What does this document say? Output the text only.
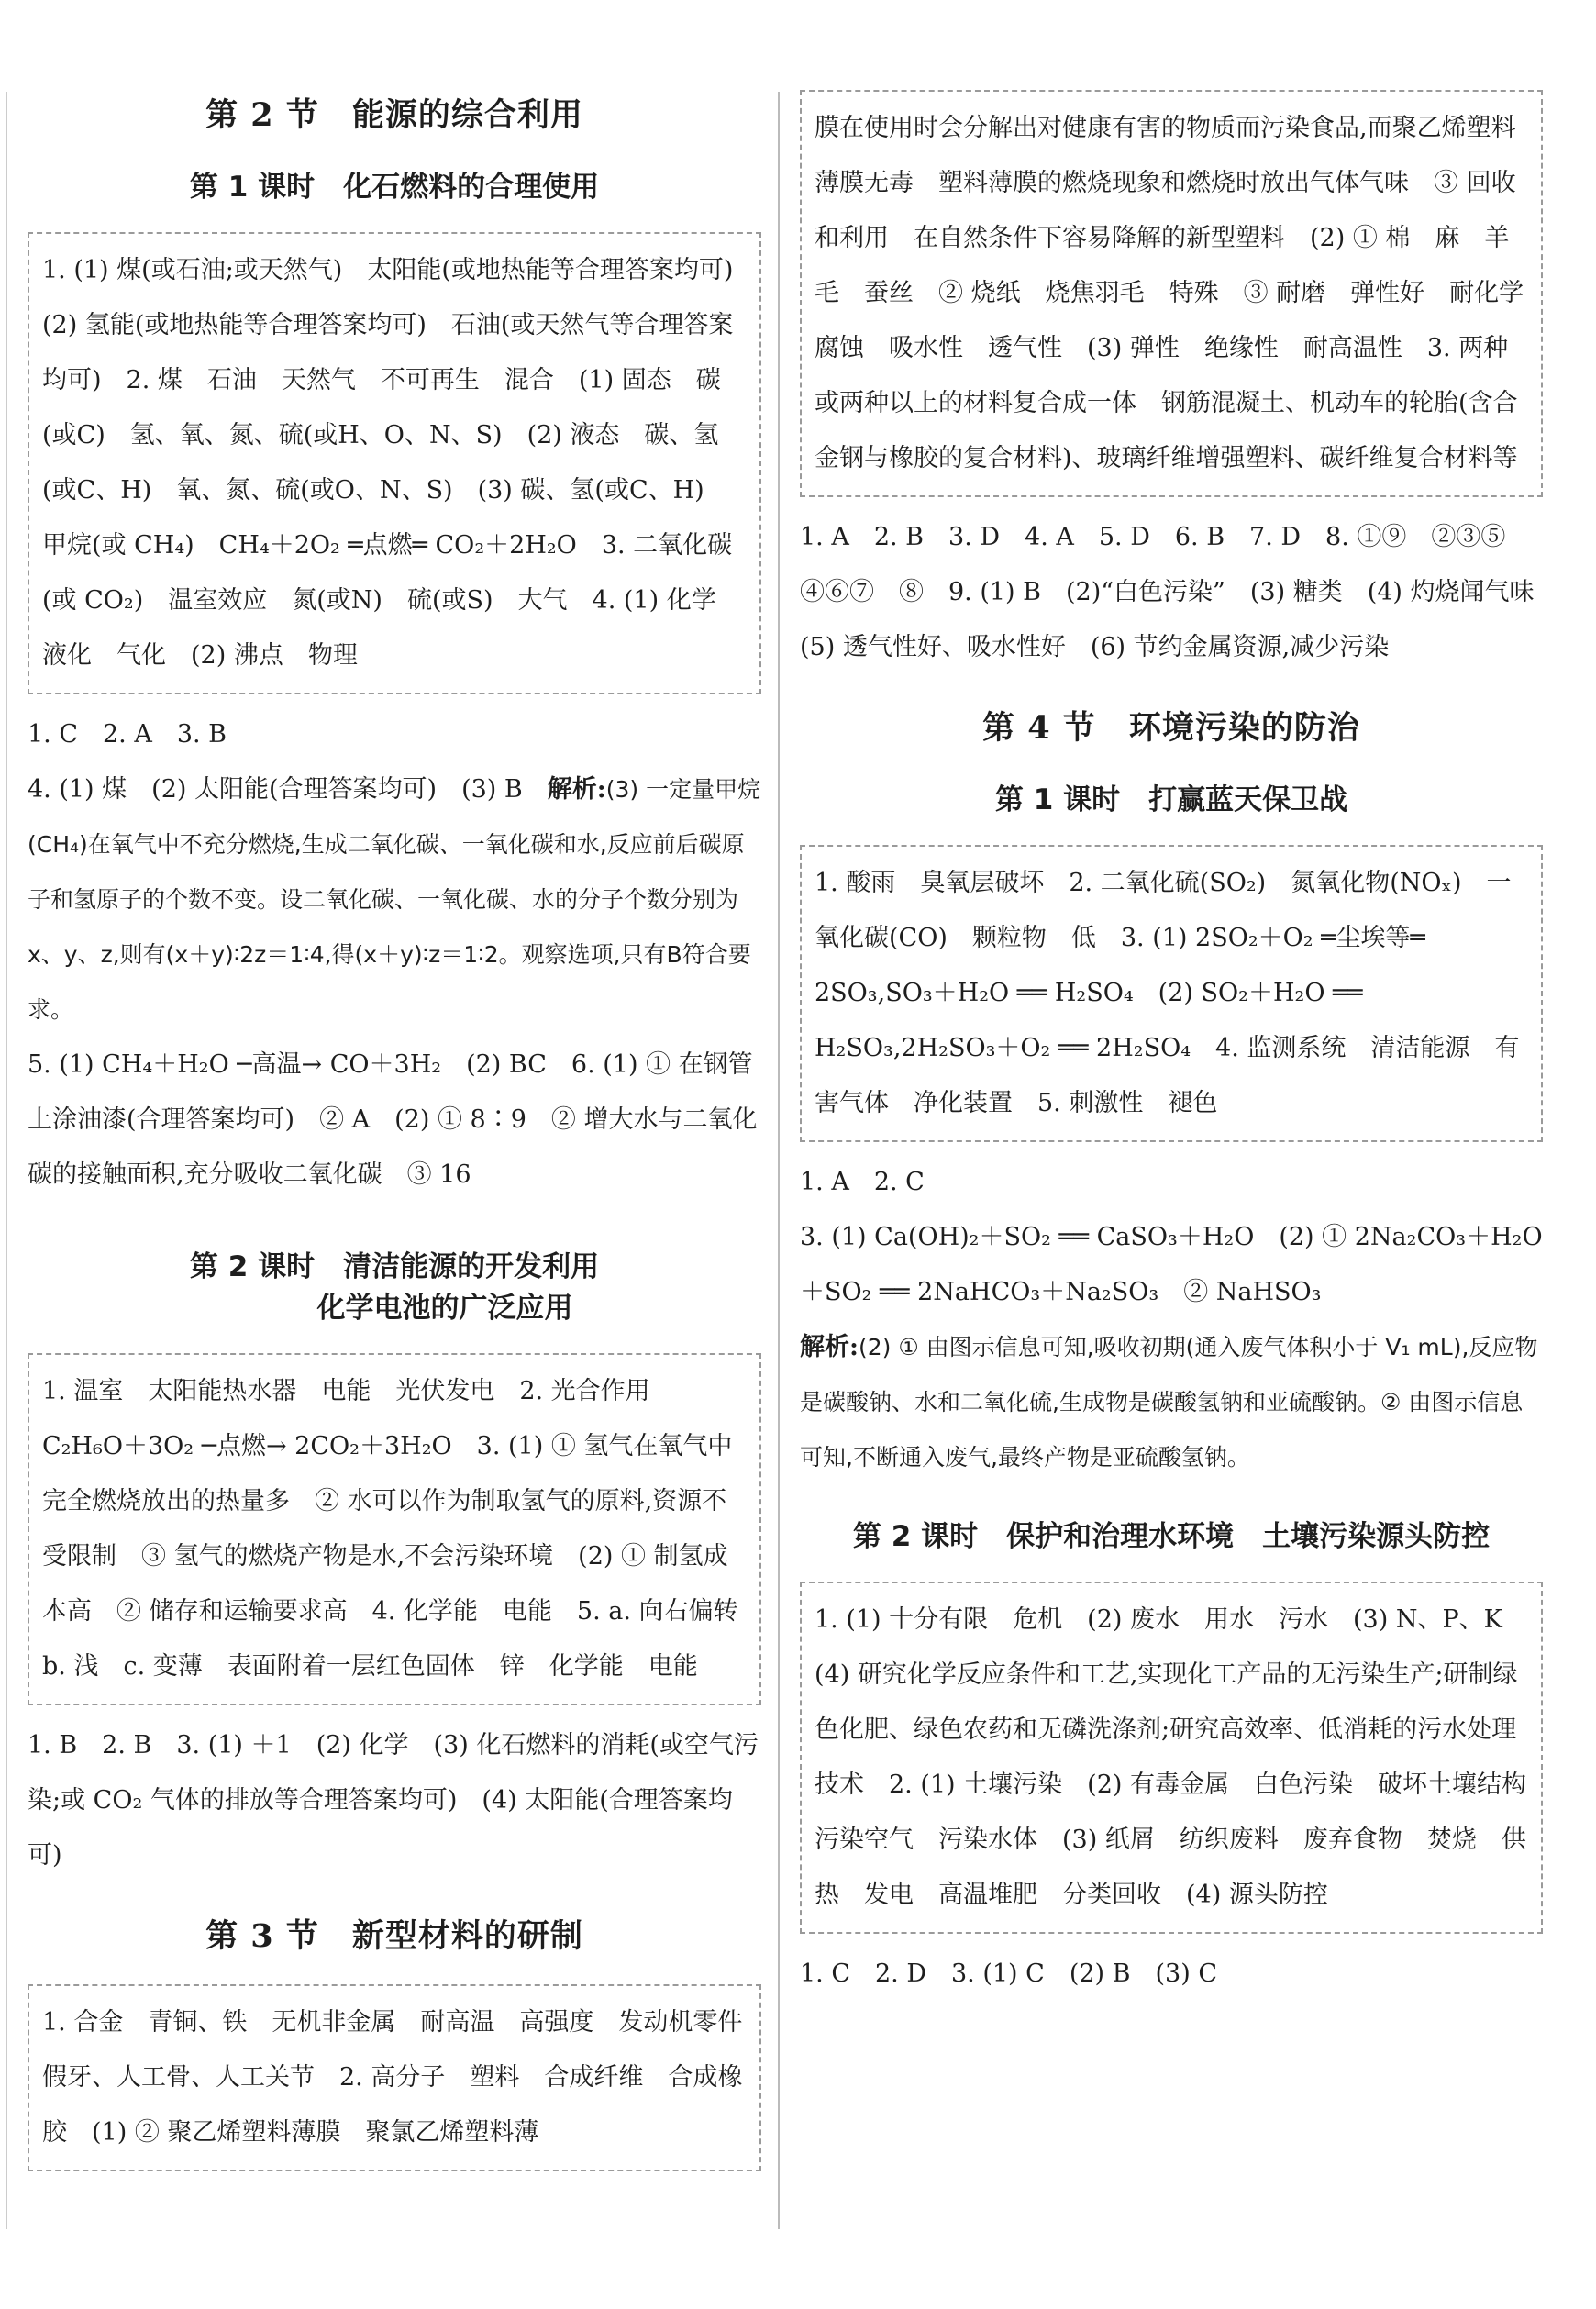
第 2 节　能源的综合利用
第 1 课时　化石燃料的合理使用

1. (1) 煤(或石油;或天然气)　太阳能(或地热能等合理答案均可)　(2) 氢能(或地热能等合理答案均可)　石油(或天然气等合理答案均可)　2. 煤　石油　天然气　不可再生　混合　(1) 固态　碳(或C)　氢、氧、氮、硫(或H、O、N、S)　(2) 液态　碳、氢(或C、H)　氧、氮、硫(或O、N、S)　(3) 碳、氢(或C、H)　甲烷(或 CH₄)　CH₄＋2O₂ ═点燃═ CO₂＋2H₂O　3. 二氧化碳(或 CO₂)　温室效应　氮(或N)　硫(或S)　大气　4. (1) 化学　液化　气化　(2) 沸点　物理

1. C　2. A　3. B

4. (1) 煤　(2) 太阳能(合理答案均可)　(3) B　解析:(3) 一定量甲烷(CH₄)在氧气中不充分燃烧,生成二氧化碳、一氧化碳和水,反应前后碳原子和氢原子的个数不变。设二氧化碳、一氧化碳、水的分子个数分别为 x、y、z,则有(x＋y)∶2z＝1∶4,得(x＋y)∶z＝1∶2。观察选项,只有B符合要求。

5. (1) CH₄＋H₂O ─高温→ CO＋3H₂　(2) BC　6. (1) ① 在钢管上涂油漆(合理答案均可)　② A　(2) ① 8∶9　② 增大水与二氧化碳的接触面积,充分吸收二氧化碳　③ 16

第 2 课时　清洁能源的开发利用
化学电池的广泛应用

1. 温室　太阳能热水器　电能　光伏发电　2. 光合作用　C₂H₆O＋3O₂ ─点燃→ 2CO₂＋3H₂O　3. (1) ① 氢气在氧气中完全燃烧放出的热量多　② 水可以作为制取氢气的原料,资源不受限制　③ 氢气的燃烧产物是水,不会污染环境　(2) ① 制氢成本高　② 储存和运输要求高　4. 化学能　电能　5. a. 向右偏转　b. 浅　c. 变薄　表面附着一层红色固体　锌　化学能　电能

1. B　2. B　3. (1) ＋1　(2) 化学　(3) 化石燃料的消耗(或空气污染;或 CO₂ 气体的排放等合理答案均可)　(4) 太阳能(合理答案均可)

第 3 节　新型材料的研制

1. 合金　青铜、铁　无机非金属　耐高温　高强度　发动机零件　假牙、人工骨、人工关节　2. 高分子　塑料　合成纤维　合成橡胶　(1) ② 聚乙烯塑料薄膜　聚氯乙烯塑料薄

膜在使用时会分解出对健康有害的物质而污染食品,而聚乙烯塑料薄膜无毒　塑料薄膜的燃烧现象和燃烧时放出气体气味　③ 回收和利用　在自然条件下容易降解的新型塑料　(2) ① 棉　麻　羊毛　蚕丝　② 烧纸　烧焦羽毛　特殊　③ 耐磨　弹性好　耐化学腐蚀　吸水性　透气性　(3) 弹性　绝缘性　耐高温性　3. 两种或两种以上的材料复合成一体　钢筋混凝土、机动车的轮胎(含合金钢与橡胶的复合材料)、玻璃纤维增强塑料、碳纤维复合材料等

1. A　2. B　3. D　4. A　5. D　6. B　7. D　8. ①⑨　②③⑤　④⑥⑦　⑧　9. (1) B　(2)“白色污染”　(3) 糖类　(4) 灼烧闻气味　(5) 透气性好、吸水性好　(6) 节约金属资源,减少污染

第 4 节　环境污染的防治
第 1 课时　打赢蓝天保卫战

1. 酸雨　臭氧层破坏　2. 二氧化硫(SO₂)　氮氧化物(NOₓ)　一氧化碳(CO)　颗粒物　低　3. (1) 2SO₂＋O₂ ═尘埃等═ 2SO₃,SO₃＋H₂O ══ H₂SO₄　(2) SO₂＋H₂O ══ H₂SO₃,2H₂SO₃＋O₂ ══ 2H₂SO₄　4. 监测系统　清洁能源　有害气体　净化装置　5. 刺激性　褪色

1. A　2. C

3. (1) Ca(OH)₂＋SO₂ ══ CaSO₃＋H₂O　(2) ① 2Na₂CO₃＋H₂O＋SO₂ ══ 2NaHCO₃＋Na₂SO₃　② NaHSO₃

解析:(2) ① 由图示信息可知,吸收初期(通入废气体积小于 V₁ mL),反应物是碳酸钠、水和二氧化硫,生成物是碳酸氢钠和亚硫酸钠。② 由图示信息可知,不断通入废气,最终产物是亚硫酸氢钠。

第 2 课时　保护和治理水环境　土壤污染源头防控

1. (1) 十分有限　危机　(2) 废水　用水　污水　(3) N、P、K　(4) 研究化学反应条件和工艺,实现化工产品的无污染生产;研制绿色化肥、绿色农药和无磷洗涤剂;研究高效率、低消耗的污水处理技术　2. (1) 土壤污染　(2) 有毒金属　白色污染　破坏土壤结构　污染空气　污染水体　(3) 纸屑　纺织废料　废弃食物　焚烧　供热　发电　高温堆肥　分类回收　(4) 源头防控

1. C　2. D　3. (1) C　(2) B　(3) C
